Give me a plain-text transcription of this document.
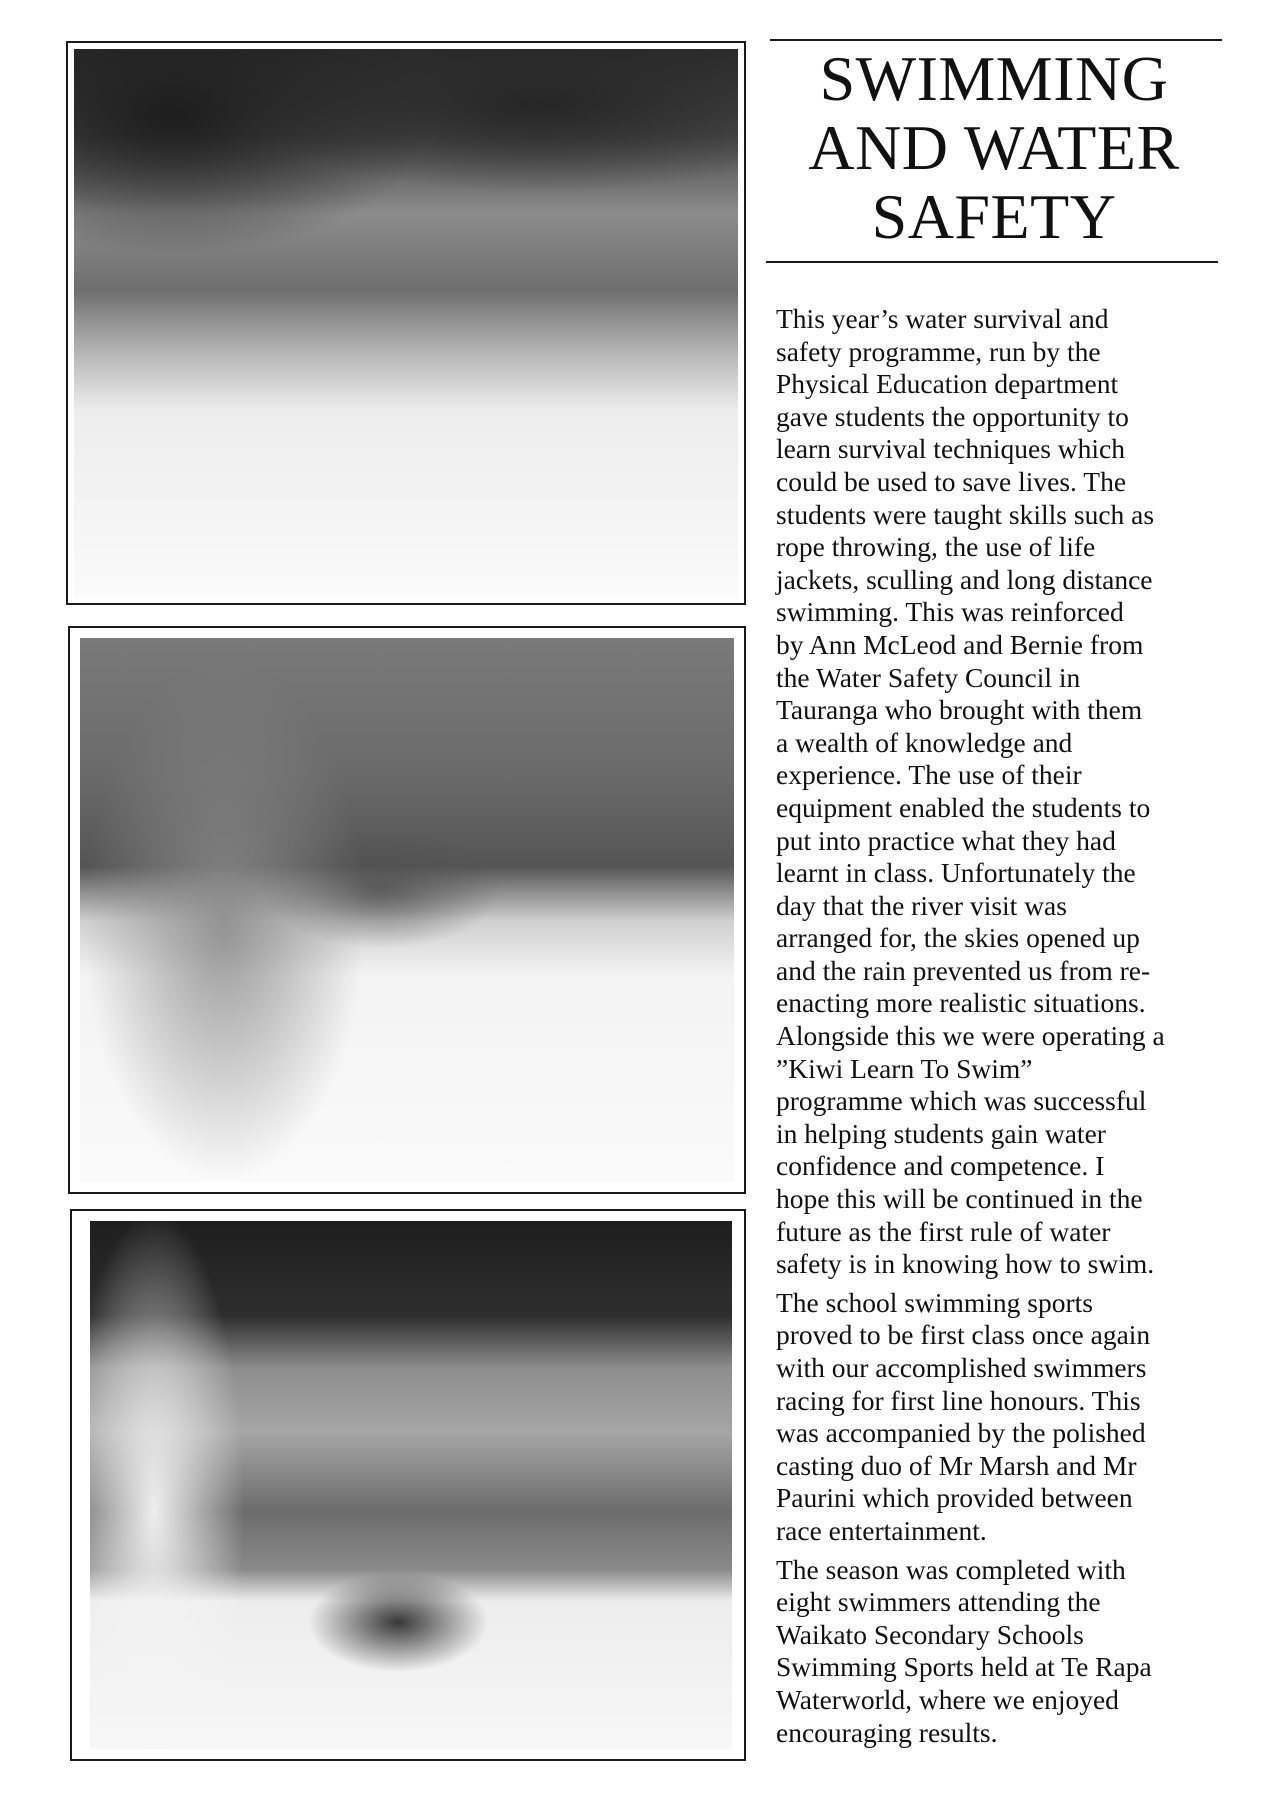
SWIMMING
AND WATER
SAFETY

This year’s water survival and
safety programme, run by the
Physical Education department
gave students the opportunity to
learn survival techniques which
could be used to save lives. The
students were taught skills such as
rope throwing, the use of life
jackets, sculling and long distance
swimming. This was reinforced
by Ann McLeod and Bernie from
the Water Safety Council in
Tauranga who brought with them
a wealth of knowledge and
experience. The use of their
equipment enabled the students to
put into practice what they had
learnt in class. Unfortunately the
day that the river visit was
arranged for, the skies opened up
and the rain prevented us from re-
enacting more realistic situations.
Alongside this we were operating a
”Kiwi Learn To Swim”
programme which was successful
in helping students gain water
confidence and competence. I
hope this will be continued in the
future as the first rule of water
safety is in knowing how to swim.

The school swimming sports
proved to be first class once again
with our accomplished swimmers
racing for first line honours. This
was accompanied by the polished
casting duo of Mr Marsh and Mr
Paurini which provided between
race entertainment.

The season was completed with
eight swimmers attending the
Waikato Secondary Schools
Swimming Sports held at Te Rapa
Waterworld, where we enjoyed
encouraging results.
